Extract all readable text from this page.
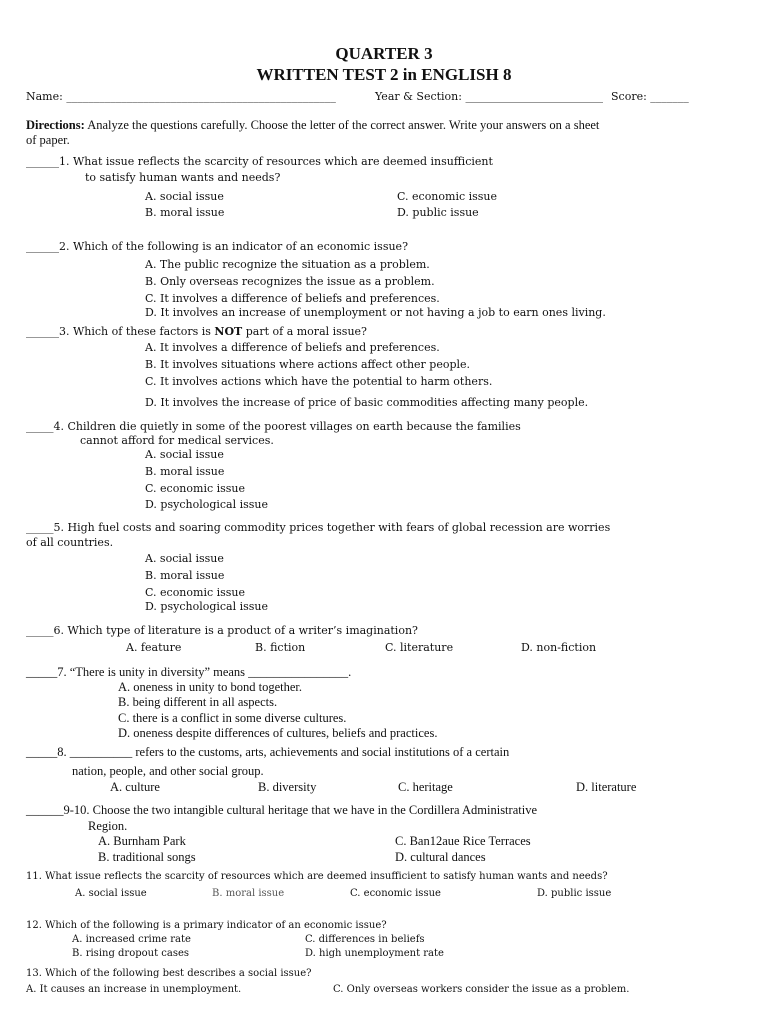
QUARTER 3
WRITTEN TEST 2 in ENGLISH 8
Name: _________________________________________________	Year & Section: _________________________ Score: _______
Directions: Analyze the questions carefully. Choose the letter of the correct answer. Write your answers on a sheet
of paper.
______1. What issue reflects the scarcity of resources which are deemed insufficient
to satisfy human wants and needs?
A. social issue
B. moral issue
C. economic issue
D. public issue
______2. Which of the following is an indicator of an economic issue?
A. The public recognize the situation as a problem.
B. Only overseas recognizes the issue as a problem.
C. It involves a difference of beliefs and preferences.
D. It involves an increase of unemployment or not having a job to earn ones living.
______3. Which of these factors is NOT part of a moral issue?
A. It involves a difference of beliefs and preferences.
B. It involves situations where actions affect other people.
C. It involves actions which have the potential to harm others.
D. It involves the increase of price of basic commodities affecting many people.
_____4. Children die quietly in some of the poorest villages on earth because the families
cannot afford for medical services.
A. social issue
B. moral issue
C. economic issue
D. psychological issue
_____5. High fuel costs and soaring commodity prices together with fears of global recession are worries
of all countries.
A. social issue
B. moral issue
C. economic issue
D. psychological issue
_____6. Which type of literature is a product of a writer’s imagination?
A. feature	B. fiction	C. literature	D. non-fiction
_____7. “There is unity in diversity” means ________________.
A. oneness in unity to bond together.
B. being different in all aspects.
C. there is a conflict in some diverse cultures.
D. oneness despite differences of cultures, beliefs and practices.
_____8. __________ refers to the customs, arts, achievements and social institutions of a certain
nation, people, and other social group.
A. culture	B. diversity	C. heritage	D. literature
______9-10. Choose the two intangible cultural heritage that we have in the Cordillera Administrative
Region.
A. Burnham Park
B. traditional songs
C. Ban12aue Rice Terraces
D. cultural dances
11. What issue reflects the scarcity of resources which are deemed insufficient to satisfy human wants and needs?
A. social issue	B. moral issue	C. economic issue	D. public issue
12. Which of the following is a primary indicator of an economic issue?
A. increased crime rate
B. rising dropout cases
C. differences in beliefs
D. high unemployment rate
13. Which of the following best describes a social issue?
A. It causes an increase in unemployment.	C. Only overseas workers consider the issue as a problem.
